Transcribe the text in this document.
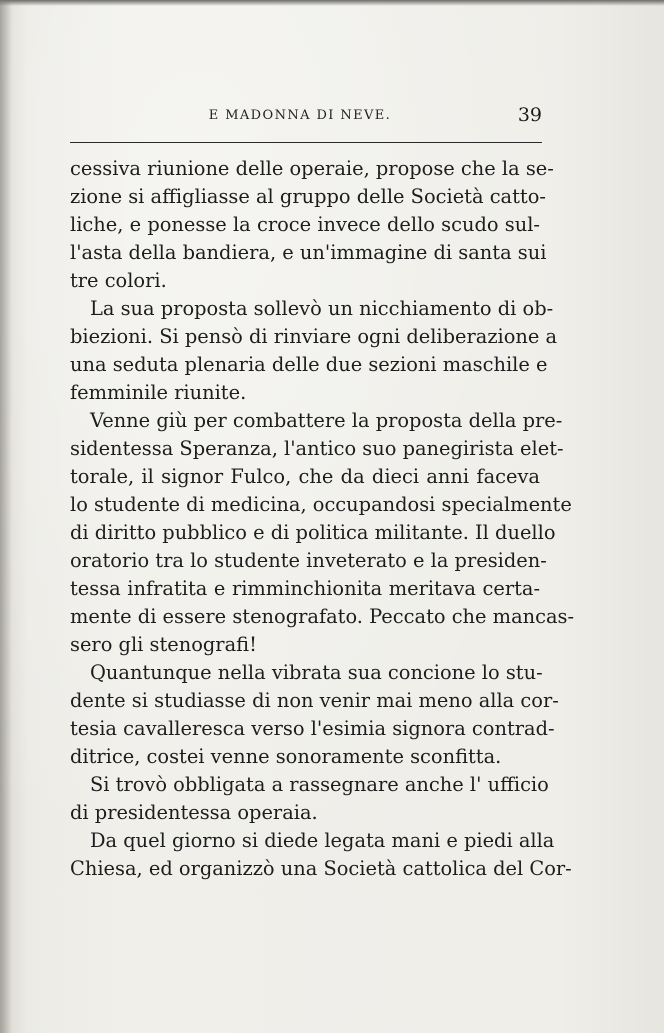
E MADONNA DI NEVE.	39
cessiva riunione delle operaie, propose che la se-
zione si affigliasse al gruppo delle Società catto-
liche, e ponesse la croce invece dello scudo sul-
l'asta della bandiera, e un'immagine di santa sui
tre colori.
La sua proposta sollevò un nicchiamento di ob-
biezioni. Si pensò di rinviare ogni deliberazione a
una seduta plenaria delle due sezioni maschile e
femminile riunite.
Venne giù per combattere la proposta della pre-
sidentessa Speranza, l'antico suo panegirista elet-
torale, il signor Fulco, che da dieci anni faceva
lo studente di medicina, occupandosi specialmente
di diritto pubblico e di politica militante. Il duello
oratorio tra lo studente inveterato e la presiden-
tessa infratita e rimminchionita meritava certa-
mente di essere stenografato. Peccato che mancas-
sero gli stenografi!
Quantunque nella vibrata sua concione lo stu-
dente si studiasse di non venir mai meno alla cor-
tesia cavalleresca verso l'esimia signora contrad-
ditrice, costei venne sonoramente sconfitta.
Si trovò obbligata a rassegnare anche l' ufficio
di presidentessa operaia.
Da quel giorno si diede legata mani e piedi alla
Chiesa, ed organizzò una Società cattolica del Cor-
